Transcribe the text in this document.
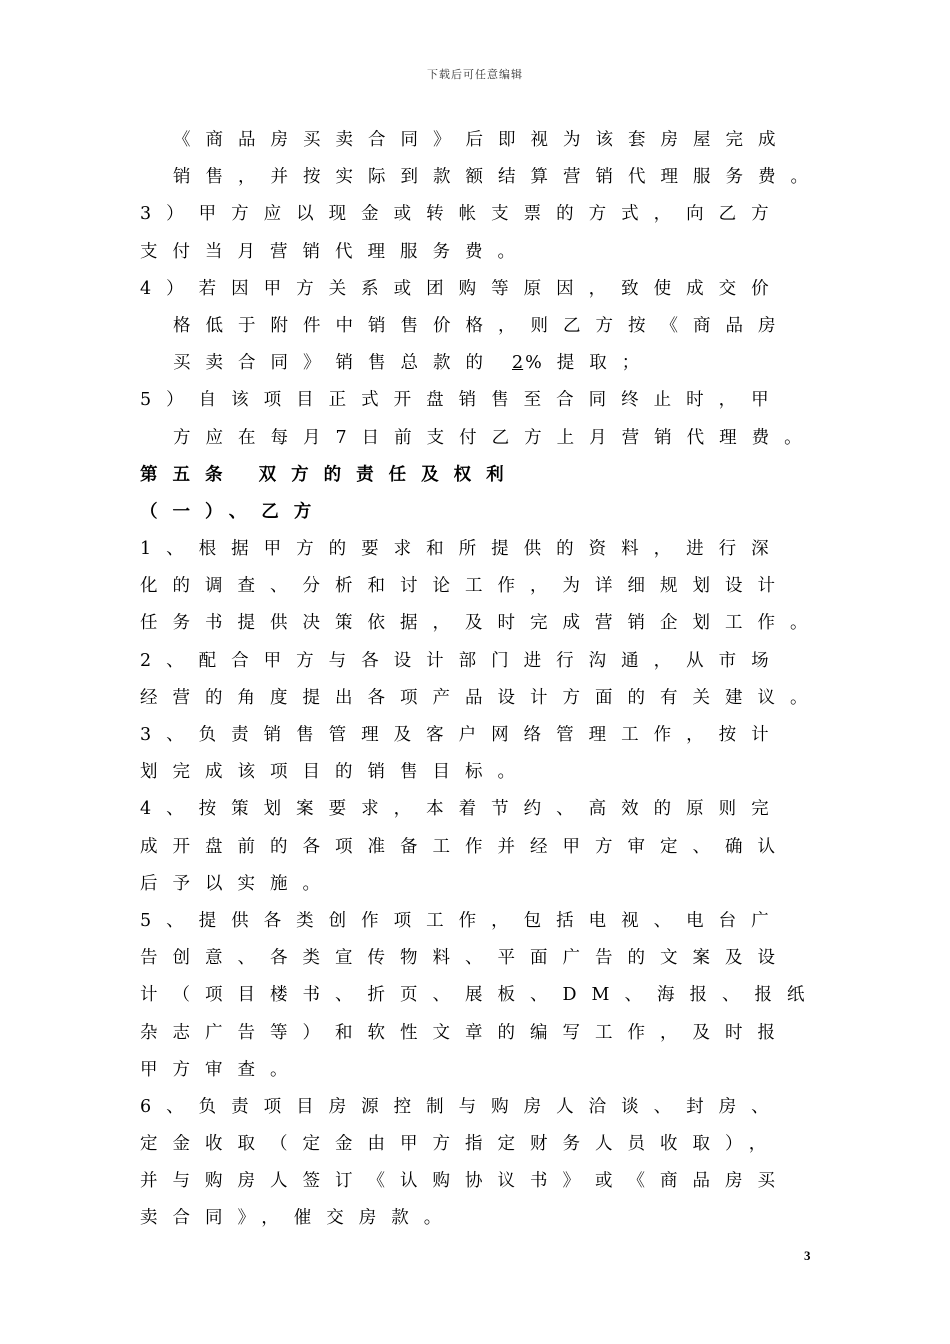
下载后可任意编辑
《商品房买卖合同》后即视为该套房屋完成
销售，并按实际到款额结算营销代理服务费。
3）甲方应以现金或转帐支票的方式，向乙方
支付当月营销代理服务费。
4）若因甲方关系或团购等原因，致使成交价
格低于附件中销售价格，则乙方按《商品房
买卖合同》销售总款的 2 %提取；
5）自该项目正式开盘销售至合同终止时，甲
方应在每月7日前支付乙方上月营销代理费。
第五条 双方的责任及权利
（一）、乙方
1、根据甲方的要求和所提供的资料，进行深
化的调查、分析和讨论工作，为详细规划设计
任务书提供决策依据，及时完成营销企划工作。
2、配合甲方与各设计部门进行沟通，从市场
经营的角度提出各项产品设计方面的有关建议。
3、负责销售管理及客户网络管理工作，按计
划完成该项目的销售目标。
4、按策划案要求，本着节约、高效的原则完
成开盘前的各项准备工作并经甲方审定、确认
后予以实施。
5、提供各类创作项工作，包括电视、电台广
告创意、各类宣传物料、平面广告的文案及设
计（项目楼书、折页、展板、DM、海报、报纸
杂志广告等）和软性文章的编写工作，及时报
甲方审查。
6、负责项目房源控制与购房人洽谈、封房、
定金收取（定金由甲方指定财务人员收取），
并与购房人签订《认购协议书》或《商品房买
卖合同》，催交房款。
3
